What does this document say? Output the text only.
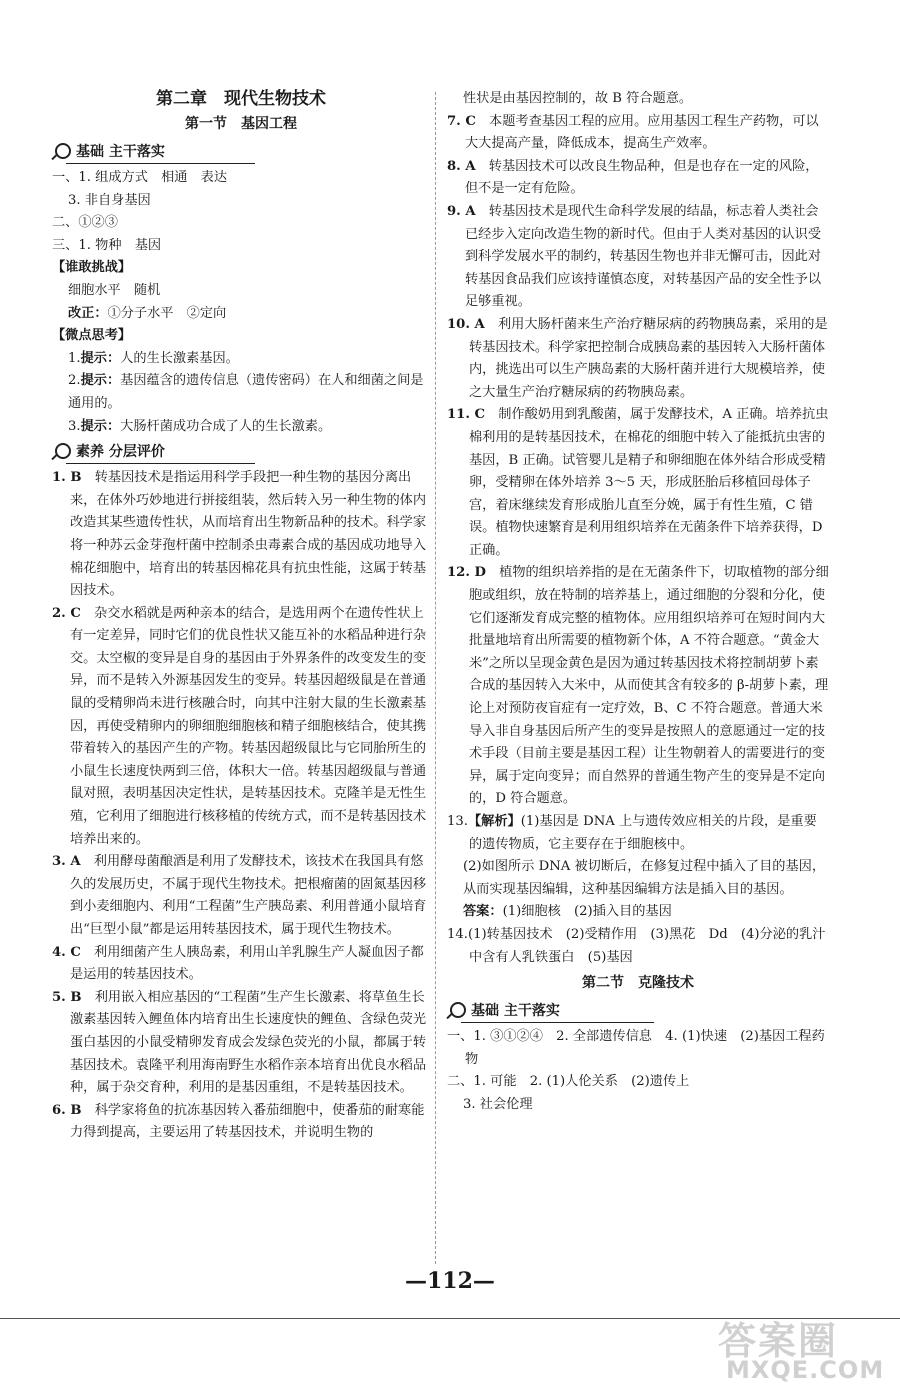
第二章　现代生物技术

第一节　基因工程

基础 主干落实

一、1. 组成方式　相通　表达

3. 非自身基因

二、①②③

三、1. 物种　基因

【谁敢挑战】

细胞水平　随机

改正：①分子水平　②定向

【微点思考】

1.提示：人的生长激素基因。

2.提示：基因蕴含的遗传信息（遗传密码）在人和细菌之间是通用的。

3.提示：大肠杆菌成功合成了人的生长激素。

素养 分层评价

1. B　 转基因技术是指运用科学手段把一种生物的基因分离出来，在体外巧妙地进行拼接组装，然后转入另一种生物的体内改造其某些遗传性状，从而培育出生物新品种的技术。科学家将一种苏云金芽孢杆菌中控制杀虫毒素合成的基因成功地导入棉花细胞中，培育出的转基因棉花具有抗虫性能，这属于转基因技术。

2. C　 杂交水稻就是两种亲本的结合，是选用两个在遗传性状上有一定差异，同时它们的优良性状又能互补的水稻品种进行杂交。太空椒的变异是自身的基因由于外界条件的改变发生的变异，而不是转入外源基因发生的变异。转基因超级鼠是在普通鼠的受精卵尚未进行核融合时，向其中注射大鼠的生长激素基因，再使受精卵内的卵细胞细胞核和精子细胞核结合，使其携带着转入的基因产生的产物。转基因超级鼠比与它同胎所生的小鼠生长速度快两到三倍，体积大一倍。转基因超级鼠与普通鼠对照，表明基因决定性状，是转基因技术。克隆羊是无性生殖，它利用了细胞进行核移植的传统方式，而不是转基因技术培养出来的。

3. A　 利用酵母菌酿酒是利用了发酵技术，该技术在我国具有悠久的发展历史，不属于现代生物技术。把根瘤菌的固氮基因移到小麦细胞内、利用“工程菌”生产胰岛素、利用普通小鼠培育出“巨型小鼠”都是运用转基因技术，属于现代生物技术。

4. C　 利用细菌产生人胰岛素，利用山羊乳腺生产人凝血因子都是运用的转基因技术。

5. B　 利用嵌入相应基因的“工程菌”生产生长激素、将草鱼生长激素基因转入鲤鱼体内培育出生长速度快的鲤鱼、含绿色荧光蛋白基因的小鼠受精卵发育成会发绿色荧光的小鼠，都属于转基因技术。袁隆平利用海南野生水稻作亲本培育出优良水稻品种，属于杂交育种，利用的是基因重组，不是转基因技术。

6. B　 科学家将鱼的抗冻基因转入番茄细胞中，使番茄的耐寒能力得到提高，主要运用了转基因技术，并说明生物的

性状是由基因控制的，故 B 符合题意。

7. C　 本题考查基因工程的应用。应用基因工程生产药物，可以大大提高产量，降低成本，提高生产效率。

8. A　 转基因技术可以改良生物品种，但是也存在一定的风险，但不是一定有危险。

9. A　 转基因技术是现代生命科学发展的结晶，标志着人类社会已经步入定向改造生物的新时代。但由于人类对基因的认识受到科学发展水平的制约，转基因生物也并非无懈可击，因此对转基因食品我们应该持谨慎态度，对转基因产品的安全性予以足够重视。

10. A　 利用大肠杆菌来生产治疗糖尿病的药物胰岛素，采用的是转基因技术。科学家把控制合成胰岛素的基因转入大肠杆菌体内，挑选出可以生产胰岛素的大肠杆菌并进行大规模培养，使之大量生产治疗糖尿病的药物胰岛素。

11. C　 制作酸奶用到乳酸菌，属于发酵技术，A 正确。培养抗虫棉利用的是转基因技术，在棉花的细胞中转入了能抵抗虫害的基因，B 正确。试管婴儿是精子和卵细胞在体外结合形成受精卵，受精卵在体外培养 3～5 天，形成胚胎后移植回母体子宫，着床继续发育形成胎儿直至分娩，属于有性生殖，C 错误。植物快速繁育是利用组织培养在无菌条件下培养获得，D 正确。

12. D　 植物的组织培养指的是在无菌条件下，切取植物的部分细胞或组织，放在特制的培养基上，通过细胞的分裂和分化，使它们逐渐发育成完整的植物体。应用组织培养可在短时间内大批量地培育出所需要的植物新个体，A 不符合题意。“黄金大米”之所以呈现金黄色是因为通过转基因技术将控制胡萝卜素合成的基因转入大米中，从而使其含有较多的 β-胡萝卜素，理论上对预防夜盲症有一定疗效，B、C 不符合题意。普通大米导入非自身基因后所产生的变异是按照人的意愿通过一定的技术手段（目前主要是基因工程）让生物朝着人的需要进行的变异，属于定向变异；而自然界的普通生物产生的变异是不定向的，D 符合题意。

13.【解析】(1)基因是 DNA 上与遗传效应相关的片段，是重要的遗传物质，它主要存在于细胞核中。

(2)如图所示 DNA 被切断后，在修复过程中插入了目的基因，从而实现基因编辑，这种基因编辑方法是插入目的基因。

答案：(1)细胞核　(2)插入目的基因

14.(1)转基因技术　(2)受精作用　(3)黑花　Dd　(4)分泌的乳汁中含有人乳铁蛋白　(5)基因

第二节　克隆技术

基础 主干落实

一、1. ③①②④　2. 全部遗传信息　4. (1)快速　(2)基因工程药物

二、1. 可能　2. (1)人伦关系　(2)遗传上

3. 社会伦理

—112—
答案圈
MXQE.COM
